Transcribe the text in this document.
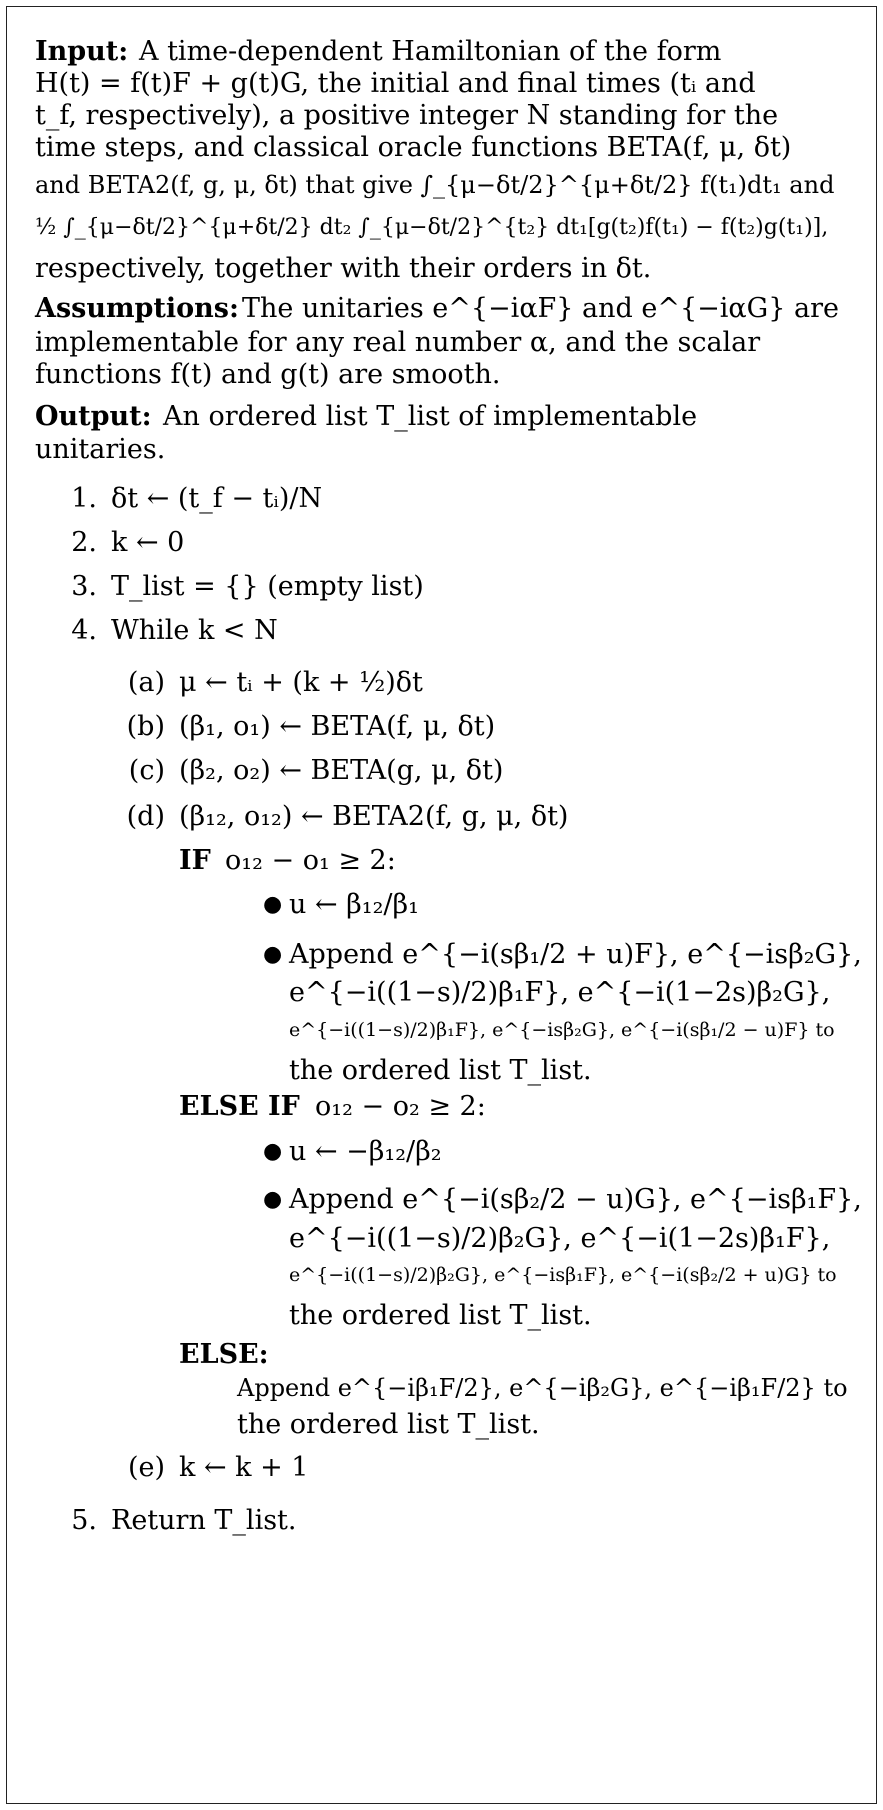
Input: A time-dependent Hamiltonian of the form
H(t) = f(t)F + g(t)G, the initial and final times (tᵢ and
t_f, respectively), a positive integer N standing for the
time steps, and classical oracle functions BETA(f, μ, δt)
and BETA2(f, g, μ, δt) that give ∫_{μ−δt/2}^{μ+δt/2} f(t₁)dt₁ and
½ ∫_{μ−δt/2}^{μ+δt/2} dt₂ ∫_{μ−δt/2}^{t₂} dt₁[g(t₂)f(t₁) − f(t₂)g(t₁)],
respectively, together with their orders in δt.
Assumptions: The unitaries e^{−iαF} and e^{−iαG} are
implementable for any real number α, and the scalar
functions f(t) and g(t) are smooth.
Output: An ordered list T_list of implementable
unitaries.
1. δt ← (t_f − tᵢ)/N
2. k ← 0
3. T_list = {} (empty list)
4. While k < N
(a) μ ← tᵢ + (k + ½)δt
(b) (β₁, o₁) ← BETA(f, μ, δt)
(c) (β₂, o₂) ← BETA(g, μ, δt)
(d) (β₁₂, o₁₂) ← BETA2(f, g, μ, δt)
IF o₁₂ − o₁ ≥ 2:
● u ← β₁₂/β₁
● Append e^{−i(sβ₁/2 + u)F}, e^{−isβ₂G},
e^{−i((1−s)/2)β₁F}, e^{−i(1−2s)β₂G},
e^{−i((1−s)/2)β₁F}, e^{−isβ₂G}, e^{−i(sβ₁/2 − u)F} to
the ordered list T_list.
ELSE IF o₁₂ − o₂ ≥ 2:
● u ← −β₁₂/β₂
● Append e^{−i(sβ₂/2 − u)G}, e^{−isβ₁F},
e^{−i((1−s)/2)β₂G}, e^{−i(1−2s)β₁F},
e^{−i((1−s)/2)β₂G}, e^{−isβ₁F}, e^{−i(sβ₂/2 + u)G} to
the ordered list T_list.
ELSE:
Append e^{−iβ₁F/2}, e^{−iβ₂G}, e^{−iβ₁F/2} to
the ordered list T_list.
(e) k ← k + 1
5. Return T_list.
